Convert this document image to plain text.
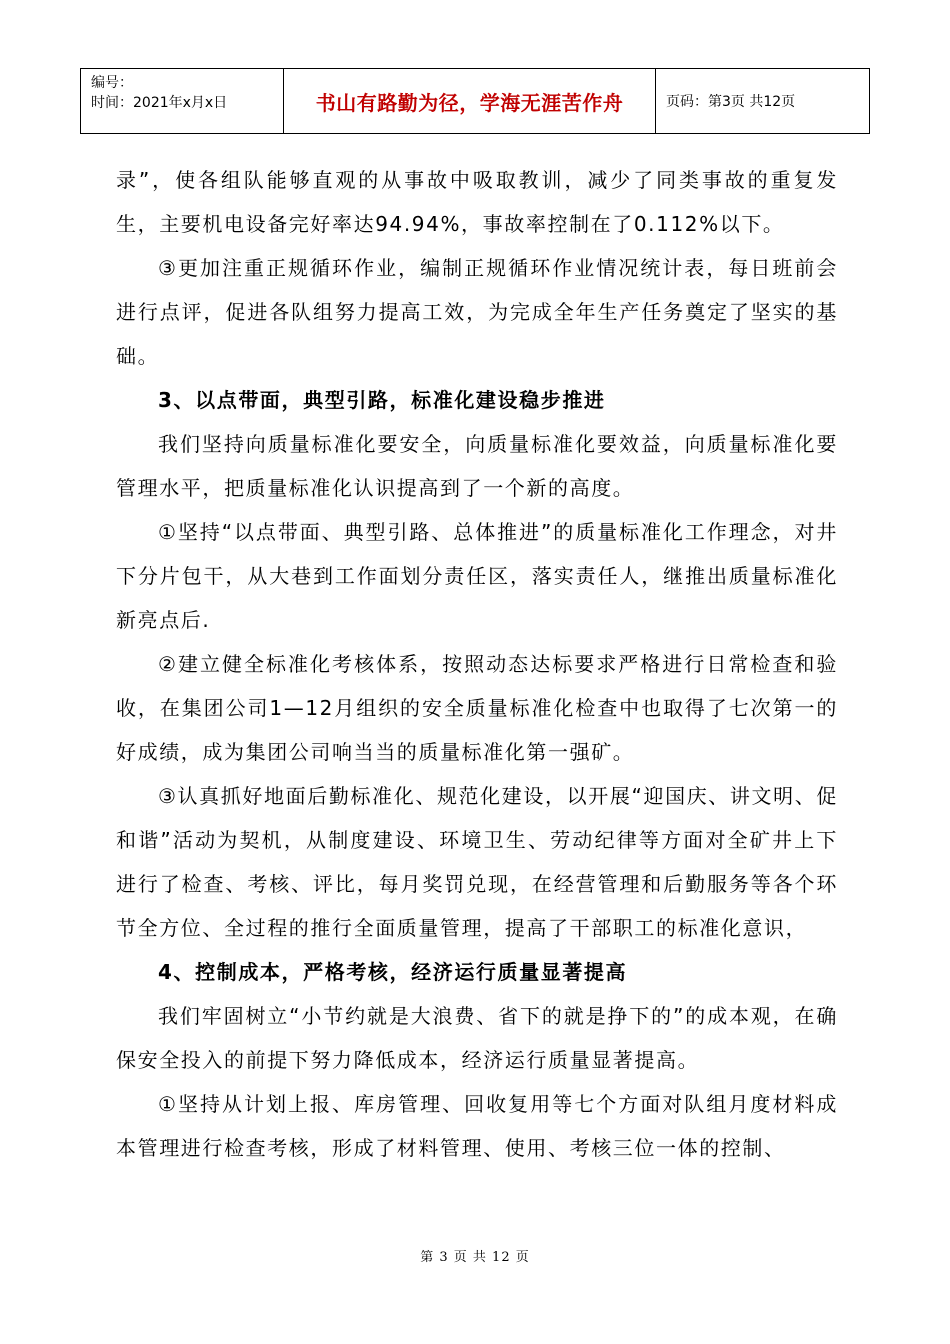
编号：
时间：2021年x月x日	书山有路勤为径，学海无涯苦作舟	页码：第3页 共12页

录”，使各组队能够直观的从事故中吸取教训，减少了同类事故的重复发生，主要机电设备完好率达94.94%，事故率控制在了0.112%以下。

③更加注重正规循环作业，编制正规循环作业情况统计表，每日班前会进行点评，促进各队组努力提高工效，为完成全年生产任务奠定了坚实的基础。

3、以点带面，典型引路，标准化建设稳步推进

我们坚持向质量标准化要安全，向质量标准化要效益，向质量标准化要管理水平，把质量标准化认识提高到了一个新的高度。

①坚持“以点带面、典型引路、总体推进”的质量标准化工作理念，对井下分片包干，从大巷到工作面划分责任区，落实责任人，继推出质量标准化新亮点后.

②建立健全标准化考核体系，按照动态达标要求严格进行日常检查和验收，在集团公司1—12月组织的安全质量标准化检查中也取得了七次第一的好成绩，成为集团公司响当当的质量标准化第一强矿。

③认真抓好地面后勤标准化、规范化建设，以开展“迎国庆、讲文明、促和谐”活动为契机，从制度建设、环境卫生、劳动纪律等方面对全矿井上下进行了检查、考核、评比，每月奖罚兑现，在经营管理和后勤服务等各个环节全方位、全过程的推行全面质量管理，提高了干部职工的标准化意识，

4、控制成本，严格考核，经济运行质量显著提高

我们牢固树立“小节约就是大浪费、省下的就是挣下的”的成本观，在确保安全投入的前提下努力降低成本，经济运行质量显著提高。

①坚持从计划上报、库房管理、回收复用等七个方面对队组月度材料成本管理进行检查考核，形成了材料管理、使用、考核三位一体的控制、

第 3 页 共 12 页
